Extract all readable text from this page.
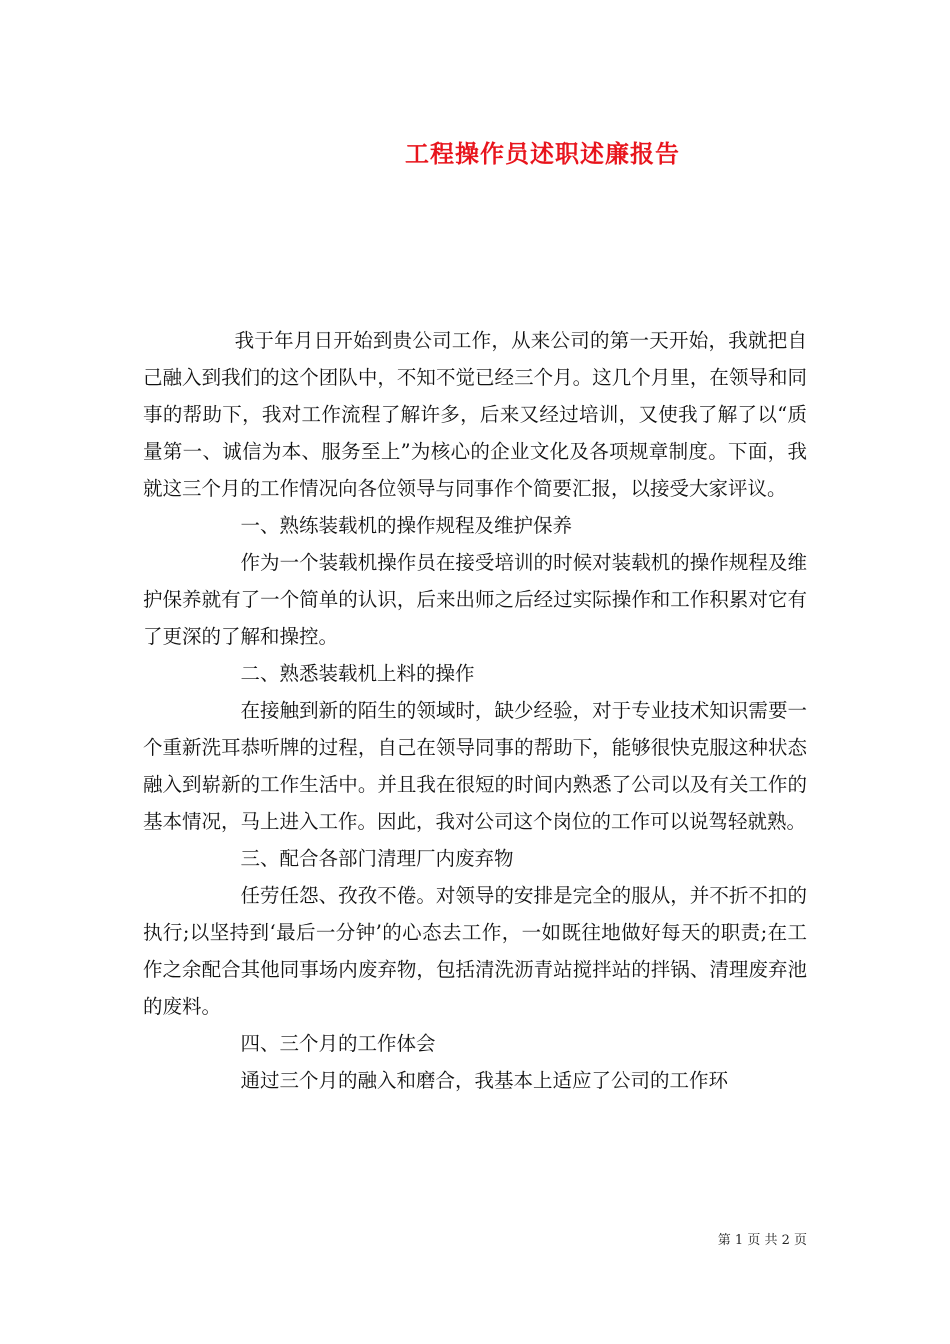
工程操作员述职述廉报告

我于年月日开始到贵公司工作，从来公司的第一天开始，我就把自己融入到我们的这个团队中，不知不觉已经三个月。这几个月里，在领导和同事的帮助下，我对工作流程了解许多，后来又经过培训，又使我了解了以“质量第一、诚信为本、服务至上”为核心的企业文化及各项规章制度。下面，我就这三个月的工作情况向各位领导与同事作个简要汇报，以接受大家评议。

一、熟练装载机的操作规程及维护保养

作为一个装载机操作员在接受培训的时候对装载机的操作规程及维护保养就有了一个简单的认识，后来出师之后经过实际操作和工作积累对它有了更深的了解和操控。

二、熟悉装载机上料的操作

在接触到新的陌生的领域时，缺少经验，对于专业技术知识需要一个重新洗耳恭听牌的过程，自己在领导同事的帮助下，能够很快克服这种状态融入到崭新的工作生活中。并且我在很短的时间内熟悉了公司以及有关工作的基本情况，马上进入工作。因此，我对公司这个岗位的工作可以说驾轻就熟。

三、配合各部门清理厂内废弃物

任劳任怨、孜孜不倦。对领导的安排是完全的服从，并不折不扣的执行;以坚持到‘最后一分钟’的心态去工作，一如既往地做好每天的职责;在工作之余配合其他同事场内废弃物，包括清洗沥青站搅拌站的拌锅、清理废弃池的废料。

四、三个月的工作体会

通过三个月的融入和磨合，我基本上适应了公司的工作环

第 1 页 共 2 页
